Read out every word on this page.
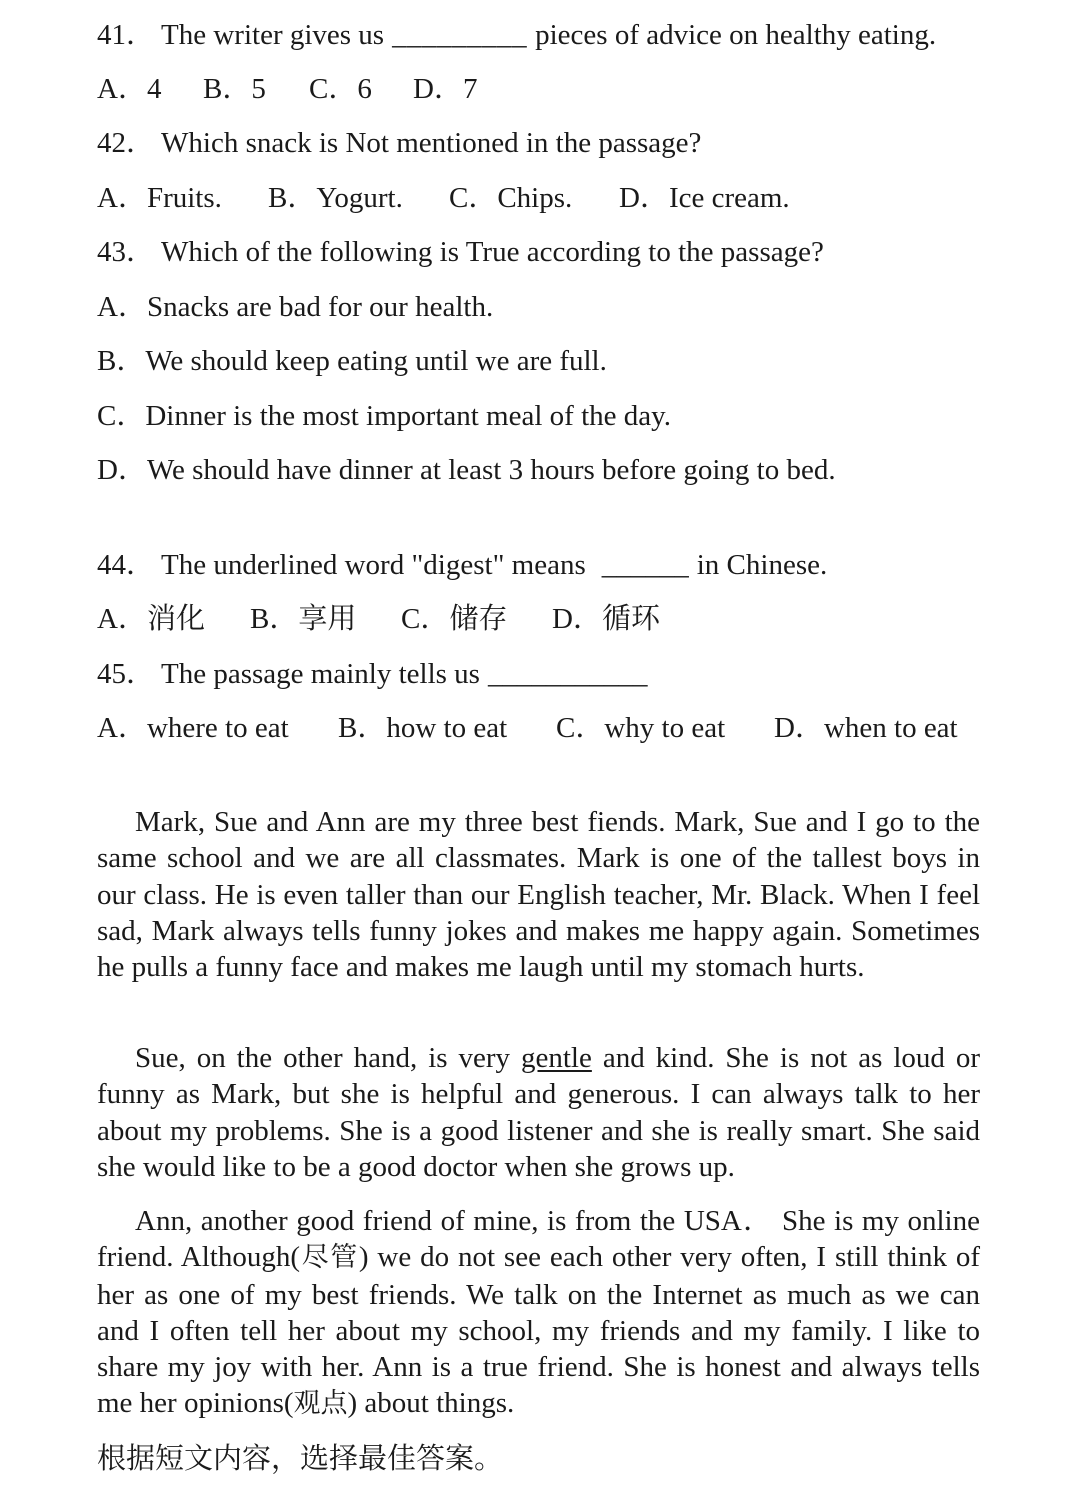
41． The writer gives us _________ pieces of advice on healthy eating.
A．4 B．5 C．6 D．7
42． Which snack is Not mentioned in the passage?
A．Fruits. B．Yogurt. C．Chips. D．Ice cream.
43． Which of the following is True according to the passage?
A．Snacks are bad for our health.
B．We should keep eating until we are full.
C．Dinner is the most important meal of the day.
D．We should have dinner at least 3 hours before going to bed.
44． The underlined word "digest" means ______ in Chinese.
A．消化 B．享用 C．储存 D．循环
45． The passage mainly tells us ___________
A．where to eat B．how to eat C．why to eat D．when to eat
Mark, Sue and Ann are my three best fiends. Mark, Sue and I go to the same school and we are all classmates. Mark is one of the tallest boys in our class. He is even taller than our English teacher, Mr. Black. When I feel sad, Mark always tells funny jokes and makes me happy again. Sometimes he pulls a funny face and makes me laugh until my stomach hurts.
Sue, on the other hand, is very gentle and kind. She is not as loud or funny as Mark, but she is helpful and generous. I can always talk to her about my problems. She is a good listener and she is really smart. She said she would like to be a good doctor when she grows up.
Ann, another good friend of mine, is from the USA． She is my online friend. Although(尽管) we do not see each other very often, I still think of her as one of my best friends. We talk on the Internet as much as we can and I often tell her about my school, my friends and my family. I like to share my joy with her. Ann is a true friend. She is honest and always tells me her opinions(观点) about things.
根据短文内容，选择最佳答案。
